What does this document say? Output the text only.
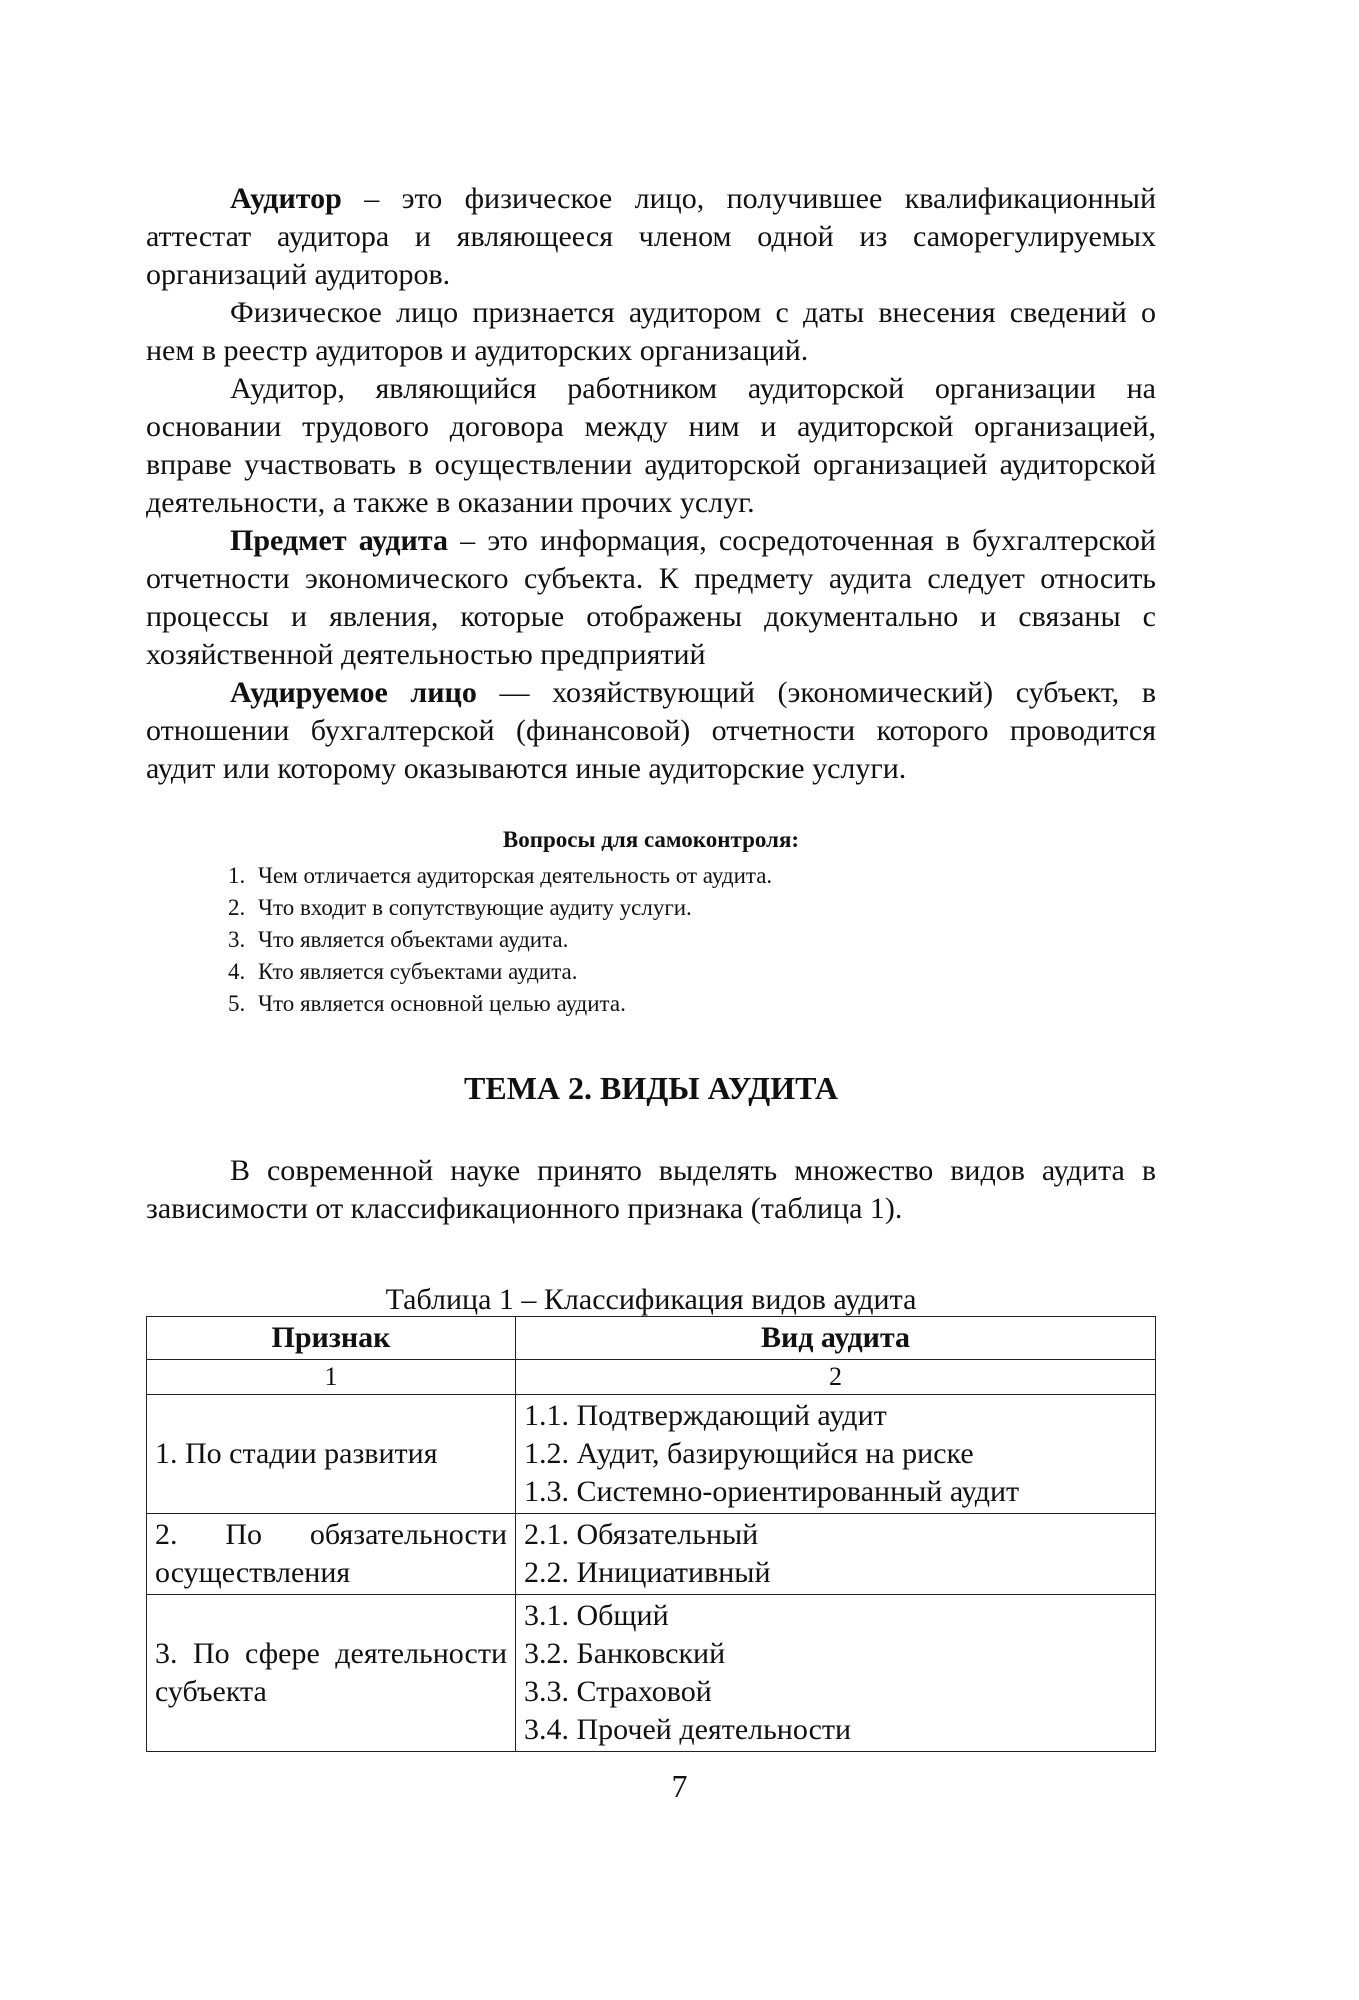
Аудитор – это физическое лицо, получившее квалификационный аттестат аудитора и являющееся членом одной из саморегулируемых организаций аудиторов.

Физическое лицо признается аудитором с даты внесения сведений о нем в реестр аудиторов и аудиторских организаций.

Аудитор, являющийся работником аудиторской организации на основании трудового договора между ним и аудиторской организацией, вправе участвовать в осуществлении аудиторской организацией аудиторской деятельности, а также в оказании прочих услуг.

Предмет аудита – это информация, сосредоточенная в бухгалтерской отчетности экономического субъекта. К предмету аудита следует относить процессы и явления, которые отображены документально и связаны с хозяйственной деятельностью предприятий

Аудируемое лицо — хозяйствующий (экономический) субъект, в отношении бухгалтерской (финансовой) отчетности которого проводится аудит или которому оказываются иные аудиторские услуги.

Вопросы для самоконтроля:

1. Чем отличается аудиторская деятельность от аудита.
2. Что входит в сопутствующие аудиту услуги.
3. Что является объектами аудита.
4. Кто является субъектами аудита.
5. Что является основной целью аудита.
ТЕМА 2. ВИДЫ АУДИТА

В современной науке принято выделять множество видов аудита в зависимости от классификационного признака (таблица 1).

Таблица 1 – Классификация видов аудита

Признак	Вид аудита
1	2
1. По стадии развития	1.1. Подтверждающий аудит
1.2. Аудит, базирующийся на риске
1.3. Системно-ориентированный аудит

2. По обязательности осуществления	2.1. Обязательный
2.2. Инициативный

3. По сфере деятельности субъекта	3.1. Общий
3.2. Банковский
3.3. Страховой
3.4. Прочей деятельности
7
